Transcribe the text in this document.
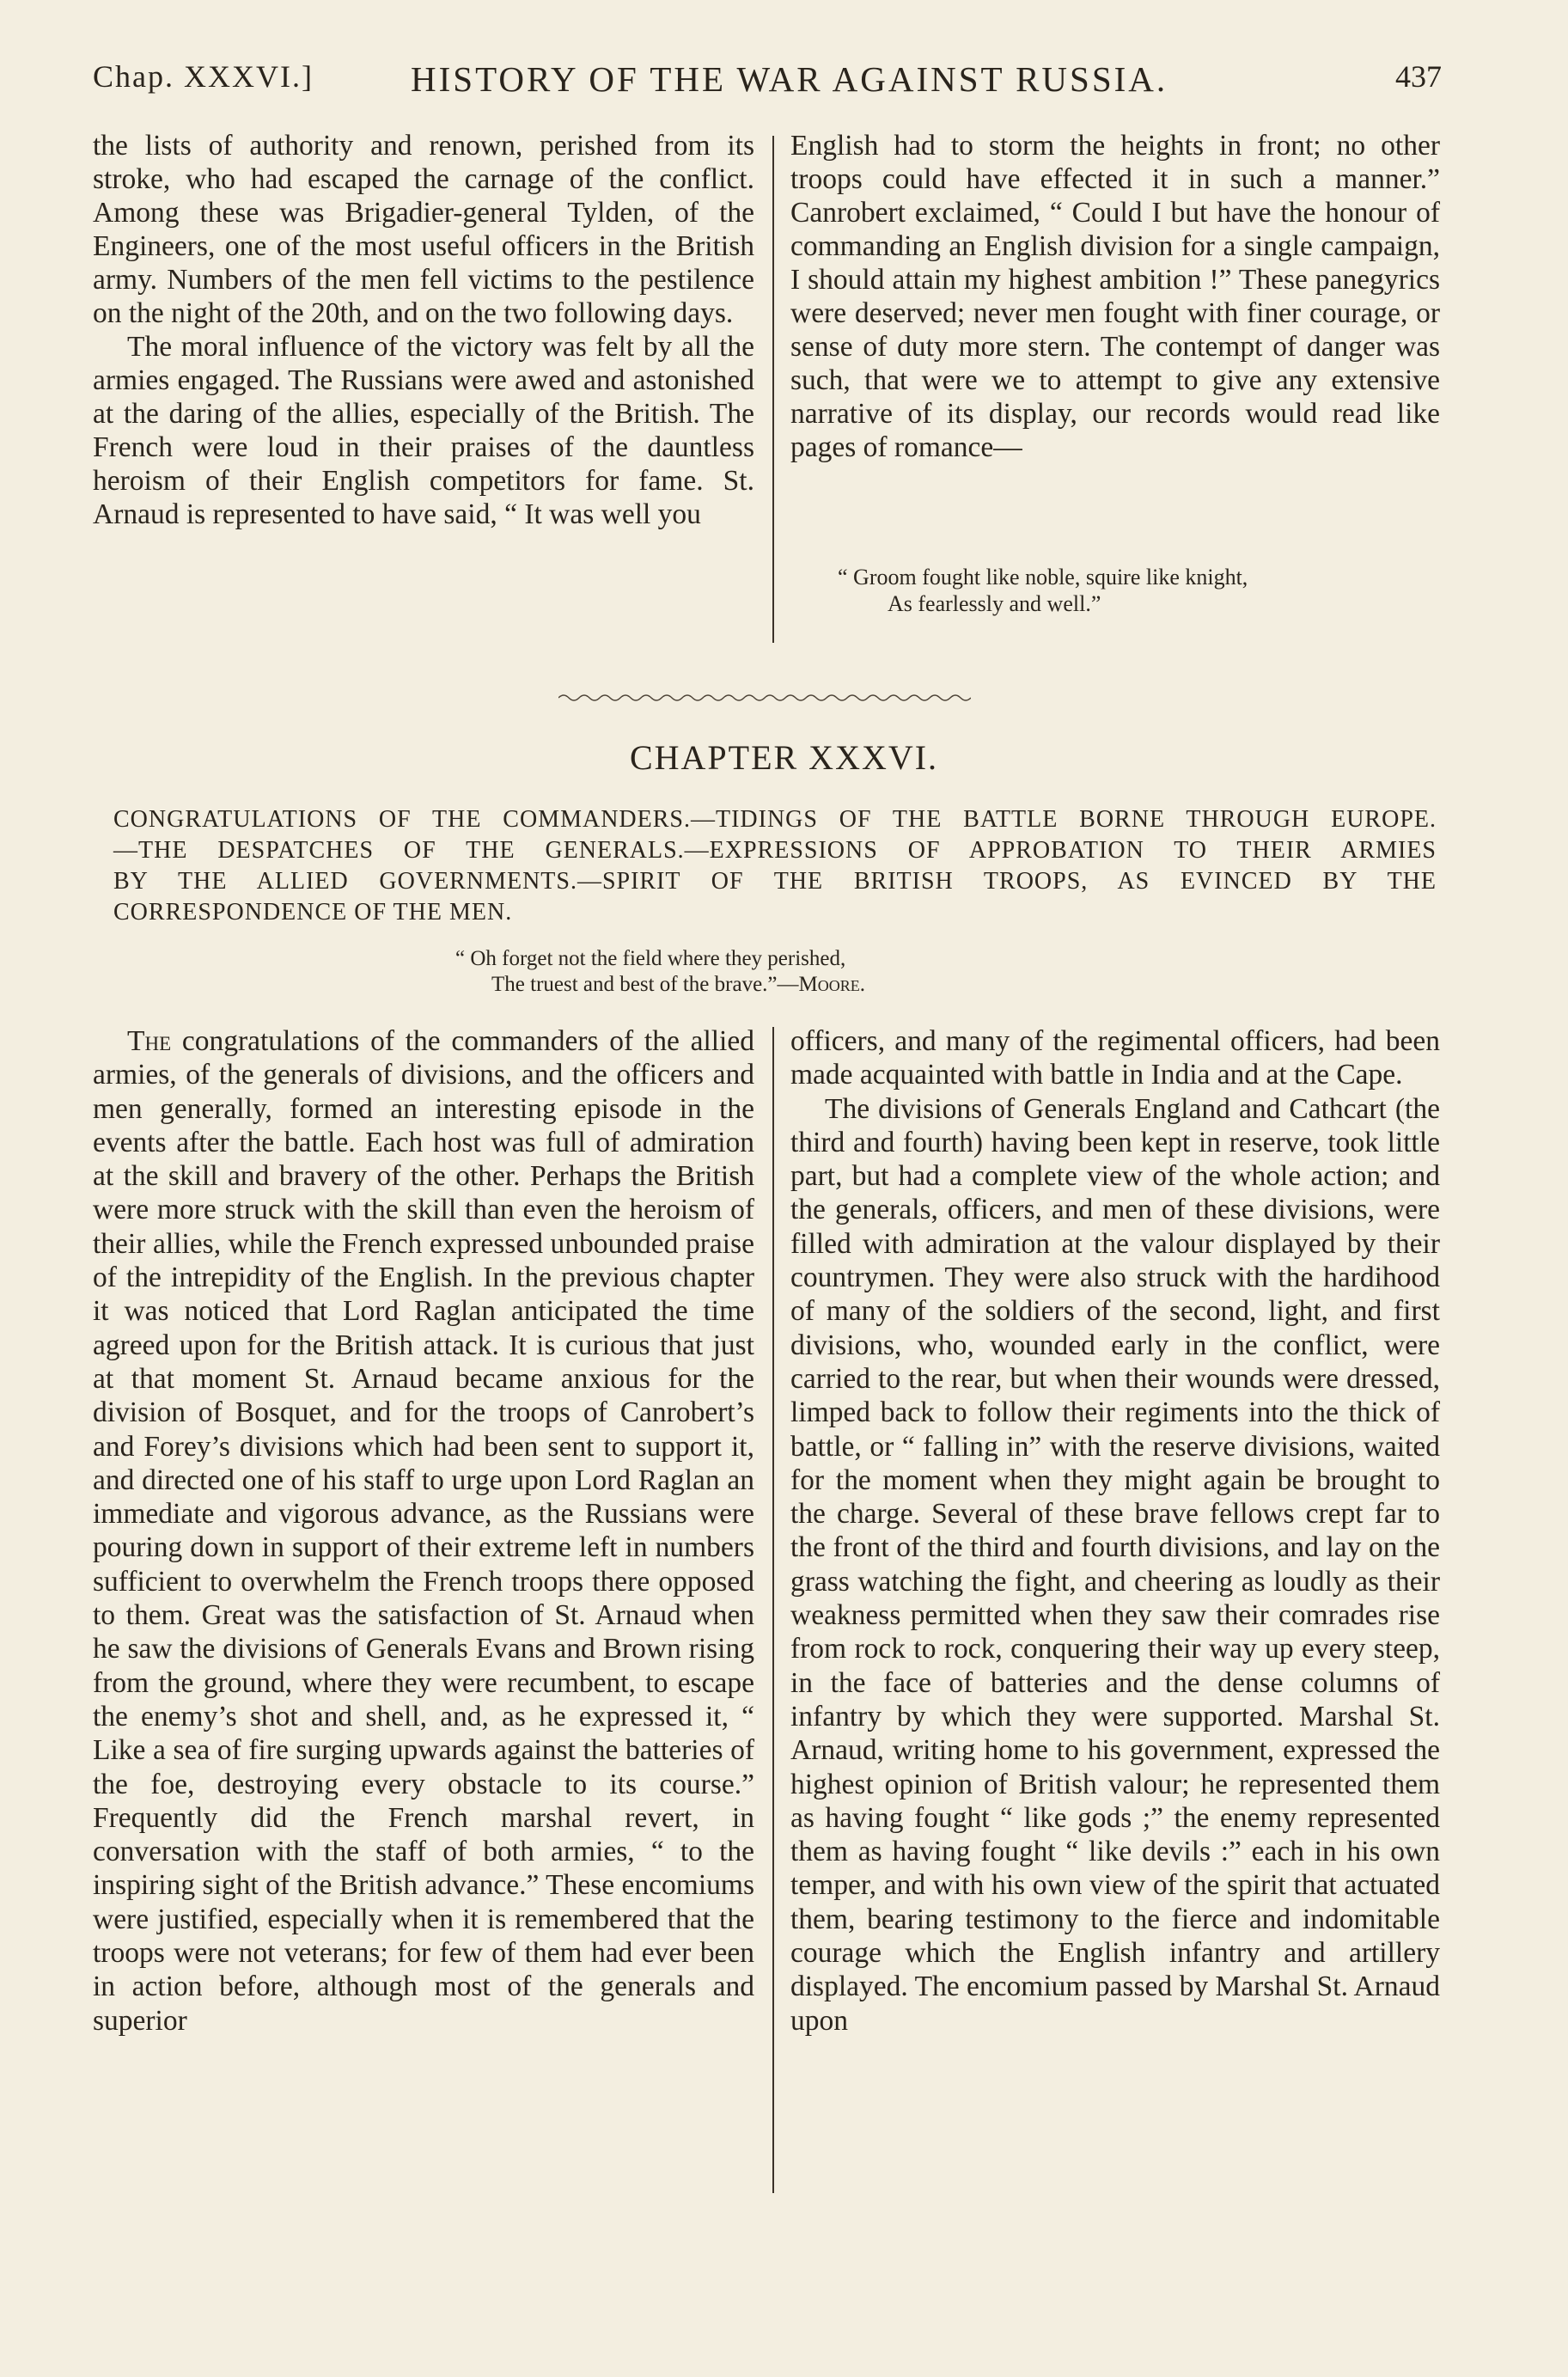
Chap. XXXVI.]	HISTORY OF THE WAR AGAINST RUSSIA.	437

the lists of authority and renown, perished from its stroke, who had escaped the carnage of the conflict. Among these was Brigadier-general Tylden, of the Engineers, one of the most useful officers in the British army. Numbers of the men fell victims to the pestilence on the night of the 20th, and on the two following days.

The moral influence of the victory was felt by all the armies engaged. The Russians were awed and astonished at the daring of the allies, especially of the British. The French were loud in their praises of the dauntless heroism of their English competitors for fame. St. Arnaud is represented to have said, “ It was well you

English had to storm the heights in front; no other troops could have effected it in such a manner.” Canrobert exclaimed, “ Could I but have the honour of commanding an English division for a single campaign, I should attain my highest ambition !” These panegyrics were deserved; never men fought with finer courage, or sense of duty more stern. The contempt of danger was such, that were we to attempt to give any extensive narrative of its display, our records would read like pages of romance—

“ Groom fought like noble, squire like knight,
As fearlessly and well.”
CHAPTER XXXVI.
CONGRATULATIONS OF THE COMMANDERS.—TIDINGS OF THE BATTLE BORNE THROUGH EUROPE.
—THE DESPATCHES OF THE GENERALS.—EXPRESSIONS OF APPROBATION TO THEIR ARMIES
BY THE ALLIED GOVERNMENTS.—SPIRIT OF THE BRITISH TROOPS, AS EVINCED BY THE
CORRESPONDENCE OF THE MEN.
“ Oh forget not the field where they perished,
The truest and best of the brave.”—Moore.

The congratulations of the commanders of the allied armies, of the generals of divisions, and the officers and men generally, formed an interesting episode in the events after the battle. Each host was full of admiration at the skill and bravery of the other. Perhaps the British were more struck with the skill than even the heroism of their allies, while the French expressed unbounded praise of the intrepidity of the English. In the previous chapter it was noticed that Lord Raglan anticipated the time agreed upon for the British attack. It is curious that just at that moment St. Arnaud became anxious for the division of Bosquet, and for the troops of Canrobert’s and Forey’s divisions which had been sent to support it, and directed one of his staff to urge upon Lord Raglan an immediate and vigorous advance, as the Russians were pouring down in support of their extreme left in numbers sufficient to overwhelm the French troops there opposed to them. Great was the satisfaction of St. Arnaud when he saw the divisions of Generals Evans and Brown rising from the ground, where they were recumbent, to escape the enemy’s shot and shell, and, as he expressed it, “ Like a sea of fire surging upwards against the batteries of the foe, destroying every obstacle to its course.” Frequently did the French marshal revert, in conversation with the staff of both armies, “ to the inspiring sight of the British advance.” These encomiums were justified, especially when it is remembered that the troops were not veterans; for few of them had ever been in action before, although most of the generals and superior

officers, and many of the regimental officers, had been made acquainted with battle in India and at the Cape.

The divisions of Generals England and Cathcart (the third and fourth) having been kept in reserve, took little part, but had a complete view of the whole action; and the generals, officers, and men of these divisions, were filled with admiration at the valour displayed by their countrymen. They were also struck with the hardihood of many of the soldiers of the second, light, and first divisions, who, wounded early in the conflict, were carried to the rear, but when their wounds were dressed, limped back to follow their regiments into the thick of battle, or “ falling in” with the reserve divisions, waited for the moment when they might again be brought to the charge. Several of these brave fellows crept far to the front of the third and fourth divisions, and lay on the grass watching the fight, and cheering as loudly as their weakness permitted when they saw their comrades rise from rock to rock, conquering their way up every steep, in the face of batteries and the dense columns of infantry by which they were supported. Marshal St. Arnaud, writing home to his government, expressed the highest opinion of British valour; he represented them as having fought “ like gods ;” the enemy represented them as having fought “ like devils :” each in his own temper, and with his own view of the spirit that actuated them, bearing testimony to the fierce and indomitable courage which the English infantry and artillery displayed. The encomium passed by Marshal St. Arnaud upon
